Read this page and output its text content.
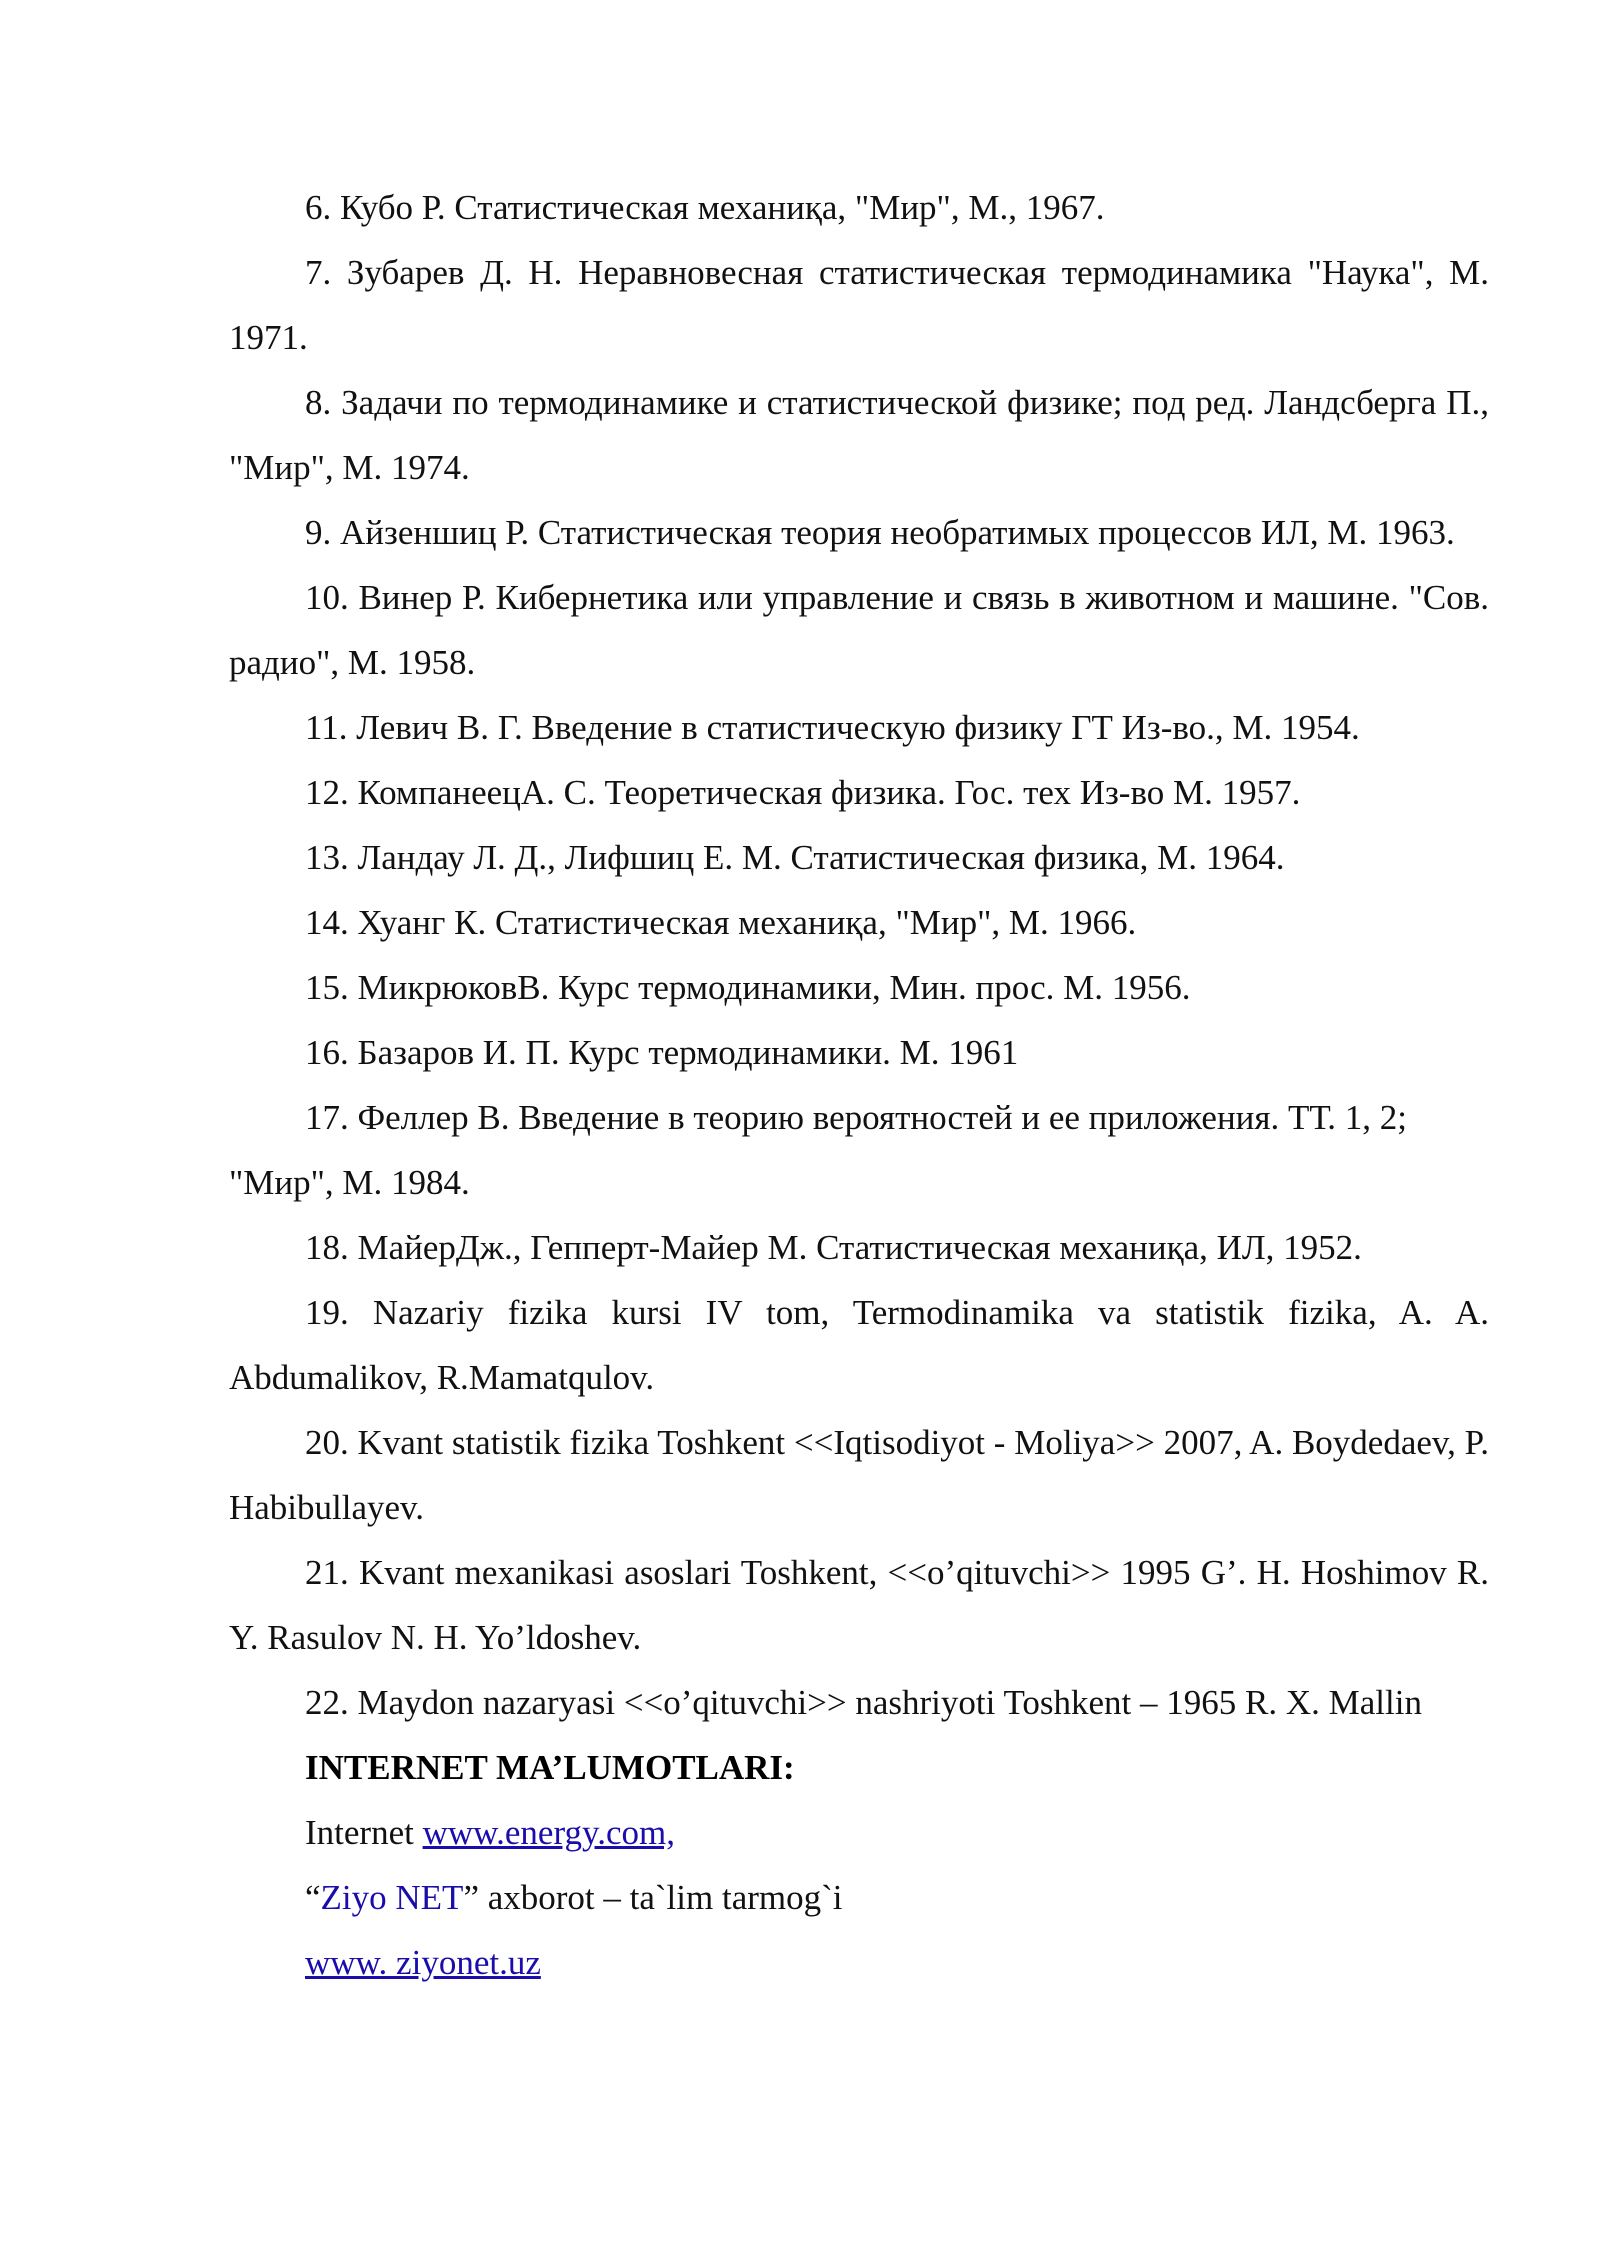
6. Кубо Р. Статистическая механиқа, "Мир", М., 1967.

7. Зубарев Д. Н. Неравновесная статистическая термодинамика "Наука", М. 1971.

8. Задачи по термодинамике и статистической физике; под ред. Ландсберга П., "Мир", М. 1974.

9. Айзеншиц Р. Статистическая теория необратимых процессов ИЛ, М. 1963.

10. Винер Р. Кибернетика или управление и связь в животном и машине. "Сов. радио", М. 1958.

11. Левич В. Г. Введение в статистическую физику ГТ Из-во., М. 1954.

12. КомпанеецА. С. Теоретическая физика. Гос. тех Из-во М. 1957.

13. Ландау Л. Д., Лифшиц Е. М. Статистическая физика, М. 1964.

14. Хуанг К. Статистическая механиқа, "Мир", М. 1966.

15. МикрюковВ. Курс термодинамики, Мин. прос. М. 1956.

16. Базаров И. П. Курс термодинамики. М. 1961

17. Феллер В. Введение в теорию вероятностей и ее приложения. ТТ. 1, 2; "Мир", М. 1984.

18. МайерДж., Гепперт-Майер М. Статистическая механиқа, ИЛ, 1952.

19. Nazariy fizika kursi IV tom, Termodinamika va statistik fizika, A. A. Abdumalikov, R.Mamatqulov.

20. Kvant statistik fizika Toshkent <<Iqtisodiyot - Moliya>> 2007, A. Boydedaev, P. Habibullayev.

21. Kvant mexanikasi asoslari Toshkent, <<o’qituvchi>> 1995 G’. H. Hoshimov R. Y. Rasulov N. H. Yo’ldoshev.

22. Maydon nazaryasi <<o’qituvchi>> nashriyoti Toshkent – 1965 R. X. Mallin

INTERNET MA’LUMOTLARI:

Internet www.energy.com,

“Ziyo NET” axborot – ta`lim tarmog`i

www. ziyonet.uz
